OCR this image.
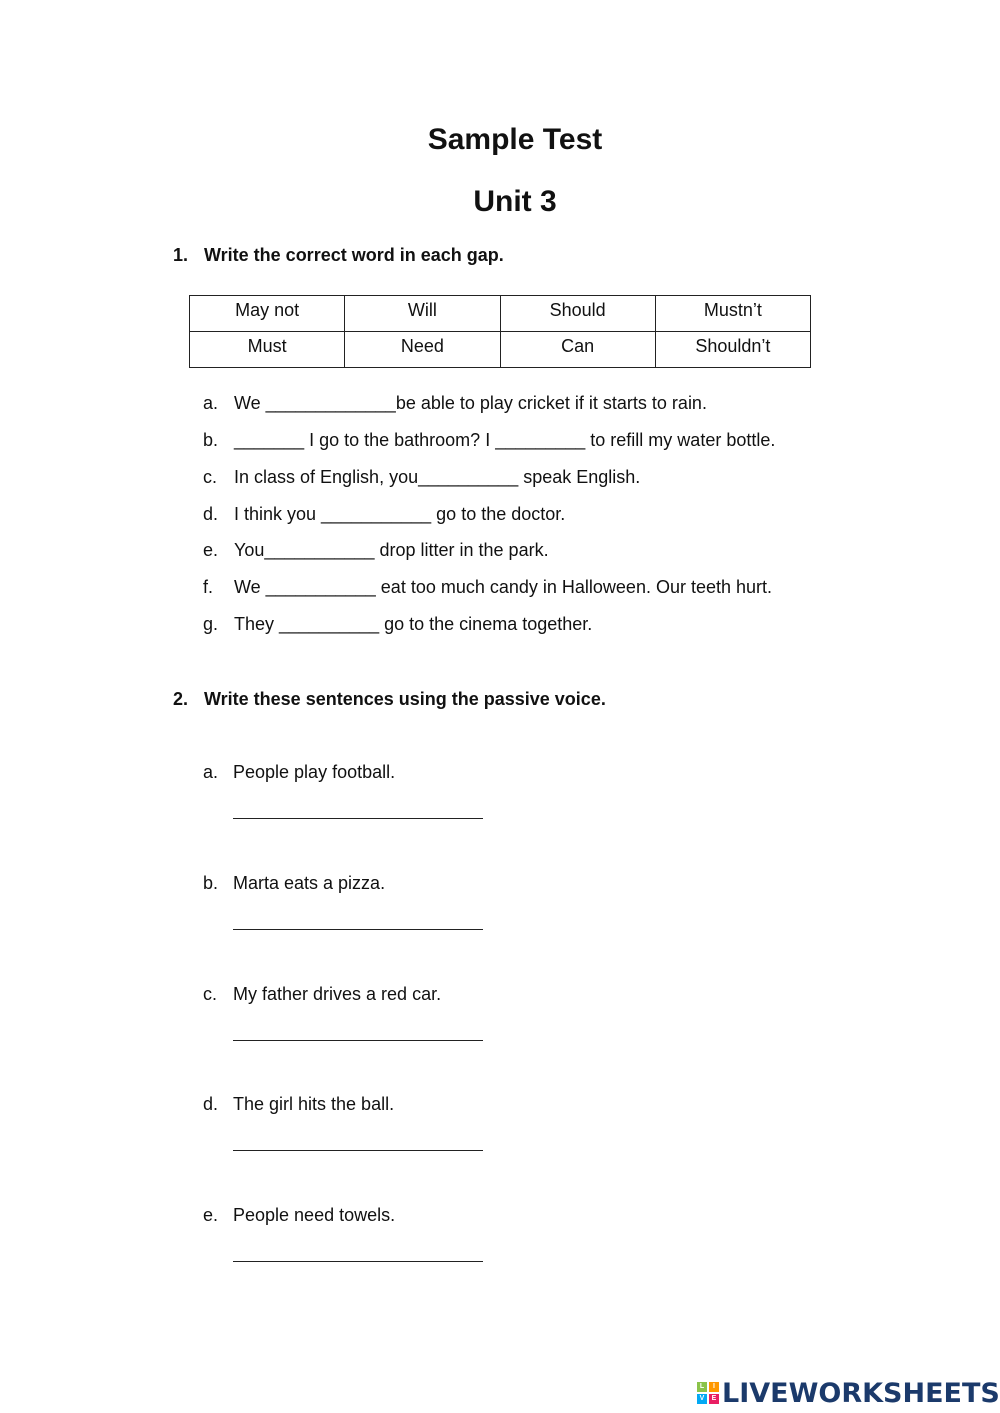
Sample Test
Unit 3
1. Write the correct word in each gap.
May not	Will	Should	Mustn’t
Must	Need	Can	Shouldn’t
a. We _____________be able to play cricket if it starts to rain.
b. _______ I go to the bathroom? I _________ to refill my water bottle.
c. In class of English, you__________ speak English.
d. I think you ___________ go to the doctor.
e. You___________ drop litter in the park.
f. We ___________ eat too much candy in Halloween. Our teeth hurt.
g. They __________ go to the cinema together.
2. Write these sentences using the passive voice.
a. People play football.
b. Marta eats a pizza.
c. My father drives a red car.
d. The girl hits the ball.
e. People need towels.
L	I
V	E LIVEWORKSHEETS
